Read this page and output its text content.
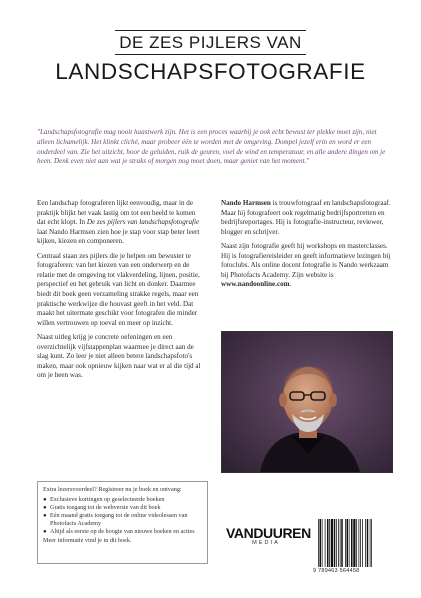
DE ZES PIJLERS VAN
LANDSCHAPSFOTOGRAFIE

"Landschapsfotografie mag nooit haastwerk zijn. Het is een proces waarbij je ook echt bewust ter plekke moet zijn, niet alleen lichamelijk. Het klinkt cliché, maar probeer één te worden met de omgeving. Dompel jezelf erin en word er een onderdeel van. Zie het uitzicht, hoor de geluiden, ruik de geuren, voel de wind en temperatuur, en alle andere dingen om je heen. Denk even niet aan wat je straks of morgen nog moet doen, maar geniet van het moment."

Een landschap fotograferen lijkt eenvoudig, maar in de praktijk blijkt het vaak lastig om tot een beeld te komen dat echt klopt. In De zes pijlers van landschapsfotografie laat Nando Harmsen zien hoe je stap voor stap beter leert kijken, kiezen en componeren.

Centraal staan zes pijlers die je helpen om bewuster te fotograferen: van het kiezen van een onderwerp en de relatie met de omgeving tot vlakverdeling, lijnen, positie, perspectief en het gebruik van licht en donker. Daarmee biedt dit boek geen verzameling strakke regels, maar een praktische werkwijze die houvast geeft in het veld. Dat maakt het uitermate geschikt voor fotografen die minder willen vertrouwen op toeval en meer op inzicht.

Naast uitleg krijg je concrete oefeningen en een overzichtelijk vijfstappenplan waarmee je direct aan de slag kunt. Zo leer je niet alleen betere landschapsfoto's maken, maar ook opnieuw kijken naar wat er al die tijd al om je heen was.

Nando Harmsen is trouwfotograaf en landschapsfotograaf. Maar hij fotografeert ook regelmatig bedrijfsportretten en bedrijfsreportages. Hij is fotografie-instructeur, reviewer, blogger en schrijver.

Naast zijn fotografie geeft hij workshops en masterclasses. Hij is fotografiereisleider en geeft informatieve lezingen bij fotoclubs. Als online docent fotografie is Nando werkzaam bij Photofacts Academy. Zijn website is www.nandoonline.com.

Extra lezersvoordeel? Registreer nu je boek en ontvang:

● Exclusieve kortingen op geselecteerde boeken
● Gratis toegang tot de webversie van dit boek
● Eén maand gratis toegang tot de online videolessen van Photofacts Academy
● Altijd als eerste op de hoogte van nieuwe boeken en acties

Meer informatie vind je in dit boek.	VANDUUREN
MEDIA
9 789463 564458
